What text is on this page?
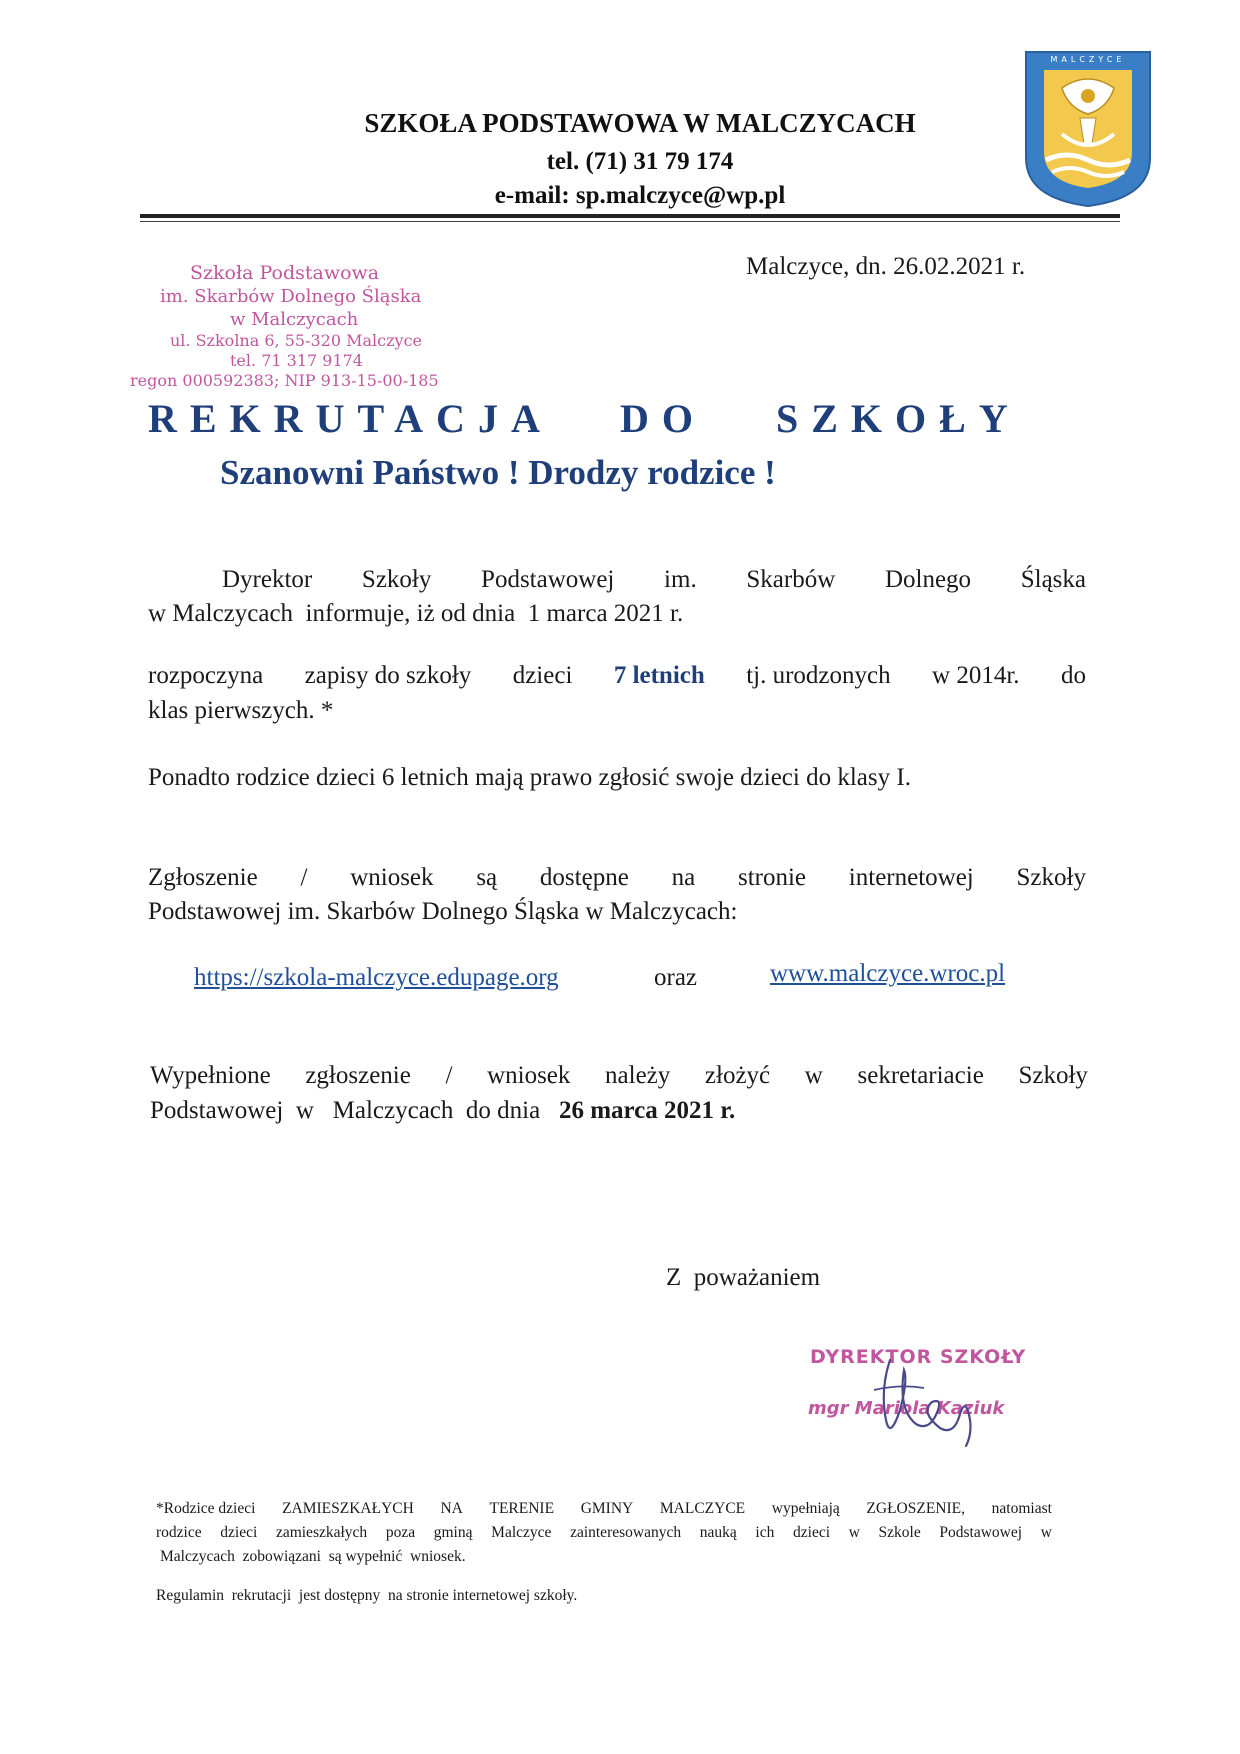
SZKOŁA PODSTAWOWA W MALCZYCACH
tel. (71) 31 79 174
e-mail: sp.malczyce@wp.pl
MALCZYCE
Szkoła Podstawowa
im. Skarbów Dolnego Śląska
w Malczycach
ul. Szkolna 6, 55-320 Malczyce
tel. 71 317 9174
regon 000592383; NIP 913-15-00-185
Malczyce, dn. 26.02.2021 r.
REKRUTACJA DO SZKOŁY
Szanowni Państwo ! Drodzy rodzice !
Dyrektor Szkoły Podstawowej im. Skarbów Dolnego Śląska
w Malczycach  informuje, iż od dnia  1 marca 2021 r.
rozpoczyna zapisy do szkoły dzieci 7 letnich tj. urodzonych w 2014r. do
klas pierwszych. *
Ponadto rodzice dzieci 6 letnich mają prawo zgłosić swoje dzieci do klasy I.
Zgłoszenie / wniosek są dostępne na stronie internetowej Szkoły
Podstawowej im. Skarbów Dolnego Śląska w Malczycach:
https://szkola-malczyce.edupage.org	oraz	www.malczyce.wroc.pl
Wypełnione zgłoszenie / wniosek należy złożyć w sekretariacie Szkoły
Podstawowej  w   Malczycach  do dnia 26 marca 2021 r.
Z  poważaniem
DYREKTOR SZKOŁY
mgr Mariola Kaziuk
*Rodzice dzieci ZAMIESZKAŁYCH NA TERENIE GMINY MALCZYCE wypełniają ZGŁOSZENIE, natomiast
rodzice dzieci zamieszkałych poza gminą Malczyce zainteresowanych nauką ich dzieci w Szkole Podstawowej w
Malczycach  zobowiązani  są wypełnić  wniosek.
Regulamin  rekrutacji  jest dostępny  na stronie internetowej szkoły.
